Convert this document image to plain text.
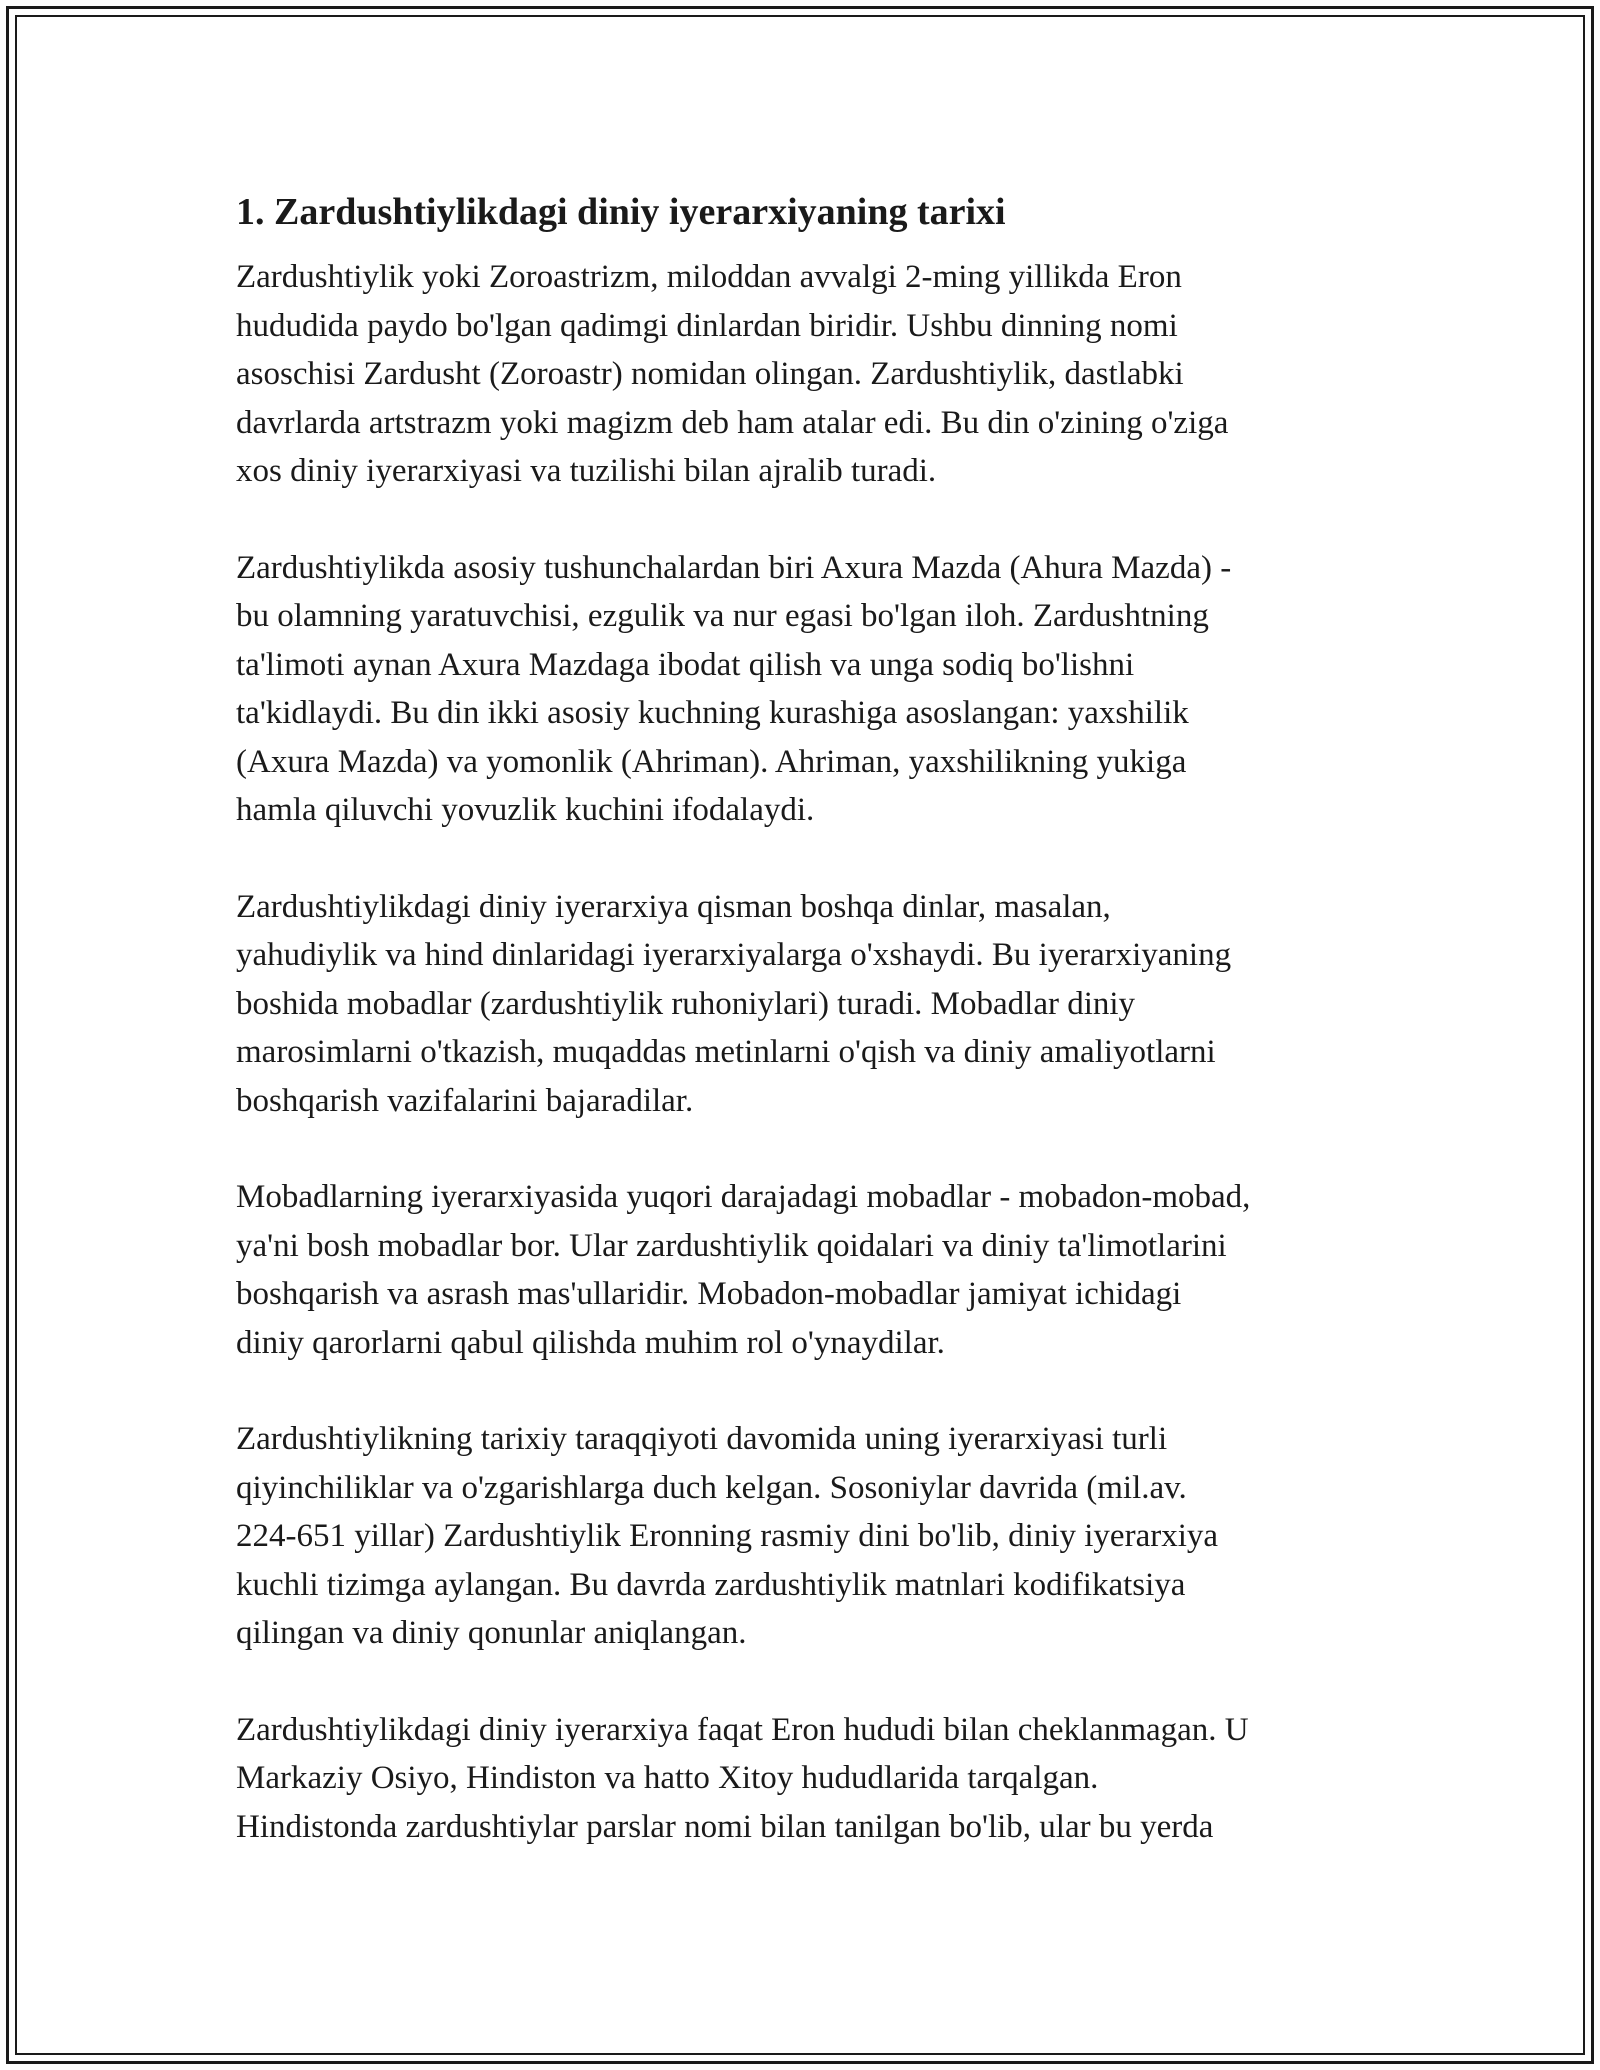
1. Zardushtiylikdagi diniy iyerarxiyaning tarixi

Zardushtiylik yoki Zoroastrizm, miloddan avvalgi 2-ming yillikda Eron
hududida paydo bo'lgan qadimgi dinlardan biridir. Ushbu dinning nomi
asoschisi Zardusht (Zoroastr) nomidan olingan. Zardushtiylik, dastlabki
davrlarda artstrazm yoki magizm deb ham atalar edi. Bu din o'zining o'ziga
xos diniy iyerarxiyasi va tuzilishi bilan ajralib turadi.

Zardushtiylikda asosiy tushunchalardan biri Axura Mazda (Ahura Mazda) -
bu olamning yaratuvchisi, ezgulik va nur egasi bo'lgan iloh. Zardushtning
ta'limoti aynan Axura Mazdaga ibodat qilish va unga sodiq bo'lishni
ta'kidlaydi. Bu din ikki asosiy kuchning kurashiga asoslangan: yaxshilik
(Axura Mazda) va yomonlik (Ahriman). Ahriman, yaxshilikning yukiga
hamla qiluvchi yovuzlik kuchini ifodalaydi.

Zardushtiylikdagi diniy iyerarxiya qisman boshqa dinlar, masalan,
yahudiylik va hind dinlaridagi iyerarxiyalarga o'xshaydi. Bu iyerarxiyaning
boshida mobadlar (zardushtiylik ruhoniylari) turadi. Mobadlar diniy
marosimlarni o'tkazish, muqaddas metinlarni o'qish va diniy amaliyotlarni
boshqarish vazifalarini bajaradilar.

Mobadlarning iyerarxiyasida yuqori darajadagi mobadlar - mobadon-mobad,
ya'ni bosh mobadlar bor. Ular zardushtiylik qoidalari va diniy ta'limotlarini
boshqarish va asrash mas'ullaridir. Mobadon-mobadlar jamiyat ichidagi
diniy qarorlarni qabul qilishda muhim rol o'ynaydilar.

Zardushtiylikning tarixiy taraqqiyoti davomida uning iyerarxiyasi turli
qiyinchiliklar va o'zgarishlarga duch kelgan. Sosoniylar davrida (mil.av.
224-651 yillar) Zardushtiylik Eronning rasmiy dini bo'lib, diniy iyerarxiya
kuchli tizimga aylangan. Bu davrda zardushtiylik matnlari kodifikatsiya
qilingan va diniy qonunlar aniqlangan.

Zardushtiylikdagi diniy iyerarxiya faqat Eron hududi bilan cheklanmagan. U
Markaziy Osiyo, Hindiston va hatto Xitoy hududlarida tarqalgan.
Hindistonda zardushtiylar parslar nomi bilan tanilgan bo'lib, ular bu yerda
